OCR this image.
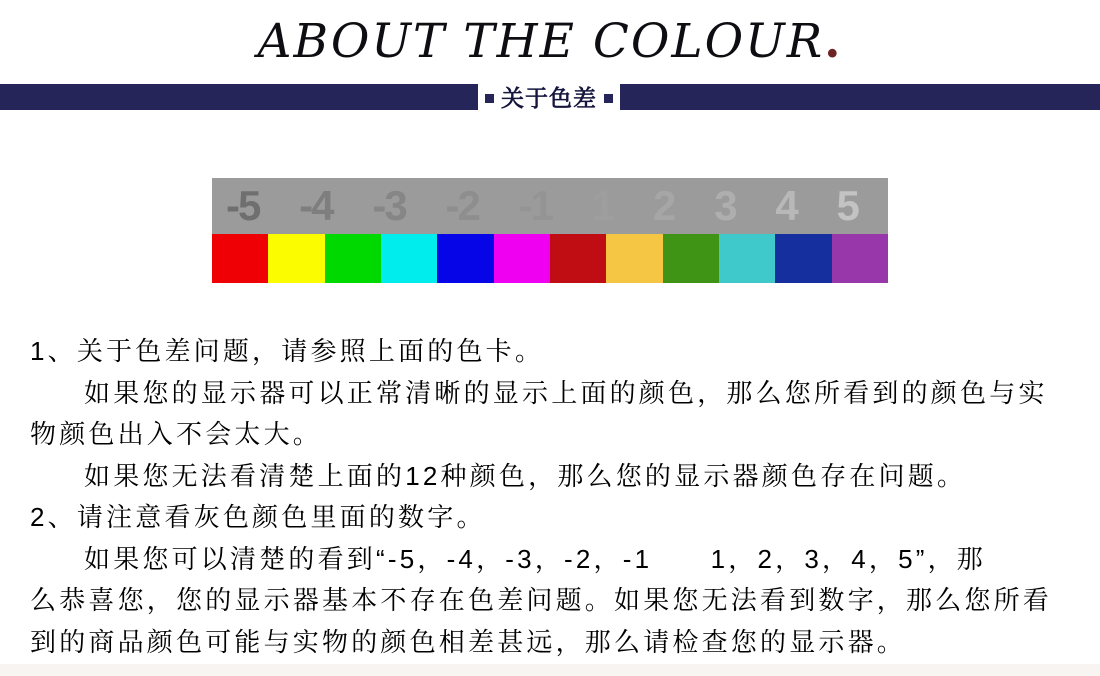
ABOUT THE COLOUR.
关于色差
-5 -4 -3 -2 -1 1 2 3 4 5
1、关于色差问题，请参照上面的色卡。
如果您的显示器可以正常清晰的显示上面的颜色，那么您所看到的颜色与实
物颜色出入不会太大。
如果您无法看清楚上面的12种颜色，那么您的显示器颜色存在问题。
2、请注意看灰色颜色里面的数字。
如果您可以清楚的看到“-5，-4，-3，-2，-1　　1，2，3，4，5”，那
么恭喜您，您的显示器基本不存在色差问题。如果您无法看到数字，那么您所看
到的商品颜色可能与实物的颜色相差甚远，那么请检查您的显示器。
